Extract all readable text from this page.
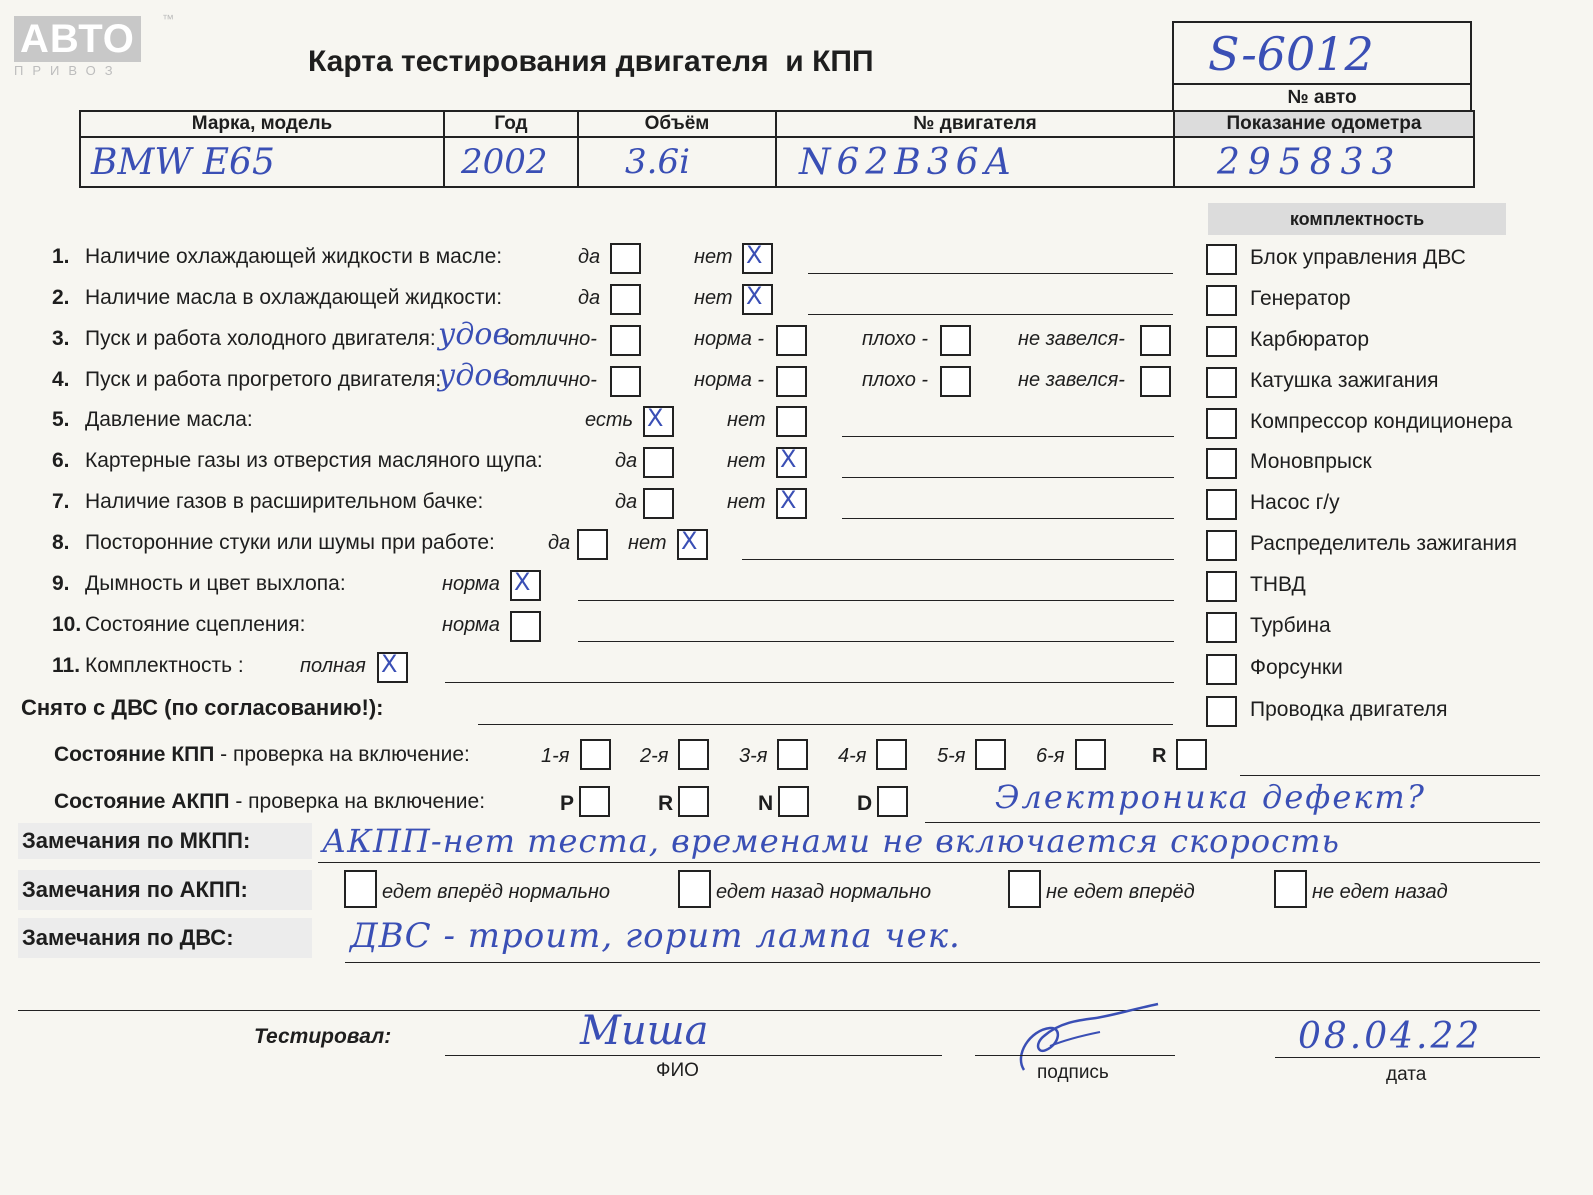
АВТО ™
ПРИВОЗ	Карта тестирования двигателя  и КПП	S-6012
№ авто
Марка, модель	Год	Объём	№ двигателя	Показание одометра
BMW E65	2002	3.6i	N62B36A	295833
комплектность
Блок управления ДВС
Генератор
Карбюратор
Катушка зажигания
Компрессор кондиционера
Моновпрыск
Насос г/у
Распределитель зажигания
ТНВД
Турбина
Форсунки
Проводка двигателя
1. Наличие охлаждающей жидкости в масле:	да	нет X
2. Наличие масла в охлаждающей жидкости:	да	нет X
3. Пуск и работа холодного двигателя: удов
отлично-	норма -	плохо -	не завелся-
4. Пуск и работа прогретого двигателя:
удов
отлично-	норма -	плохо -	не завелся-
5. Давление масла:	есть X	нет
6. Картерные газы из отверстия масляного щупа:	да	нет X
7. Наличие газов в расширительном бачке:	да	нет X
8. Посторонние стуки или шумы при работе:	да	нет X
9. Дымность и цвет выхлопа:	норма X
10. Состояние сцепления:	норма
11. Комплектность :	полная X
Снято с ДВС (по согласованию!):
Состояние КПП - проверка на включение:	1-я	2-я	3-я	4-я	5-я	6-я	R
Состояние АКПП - проверка на включение:	P	R	N	D	Электроника дефект?
Замечания по МКПП:	АКПП-нет теста, временами не включается скорость
Замечания по АКПП:	едет вперёд нормально	едет назад нормально	не едет вперёд	не едет назад
Замечания по ДВС:	ДВС - троит, горит лампа чек.
Тестировал:	Миша
ФИО	подпись
08.04.22
дата
